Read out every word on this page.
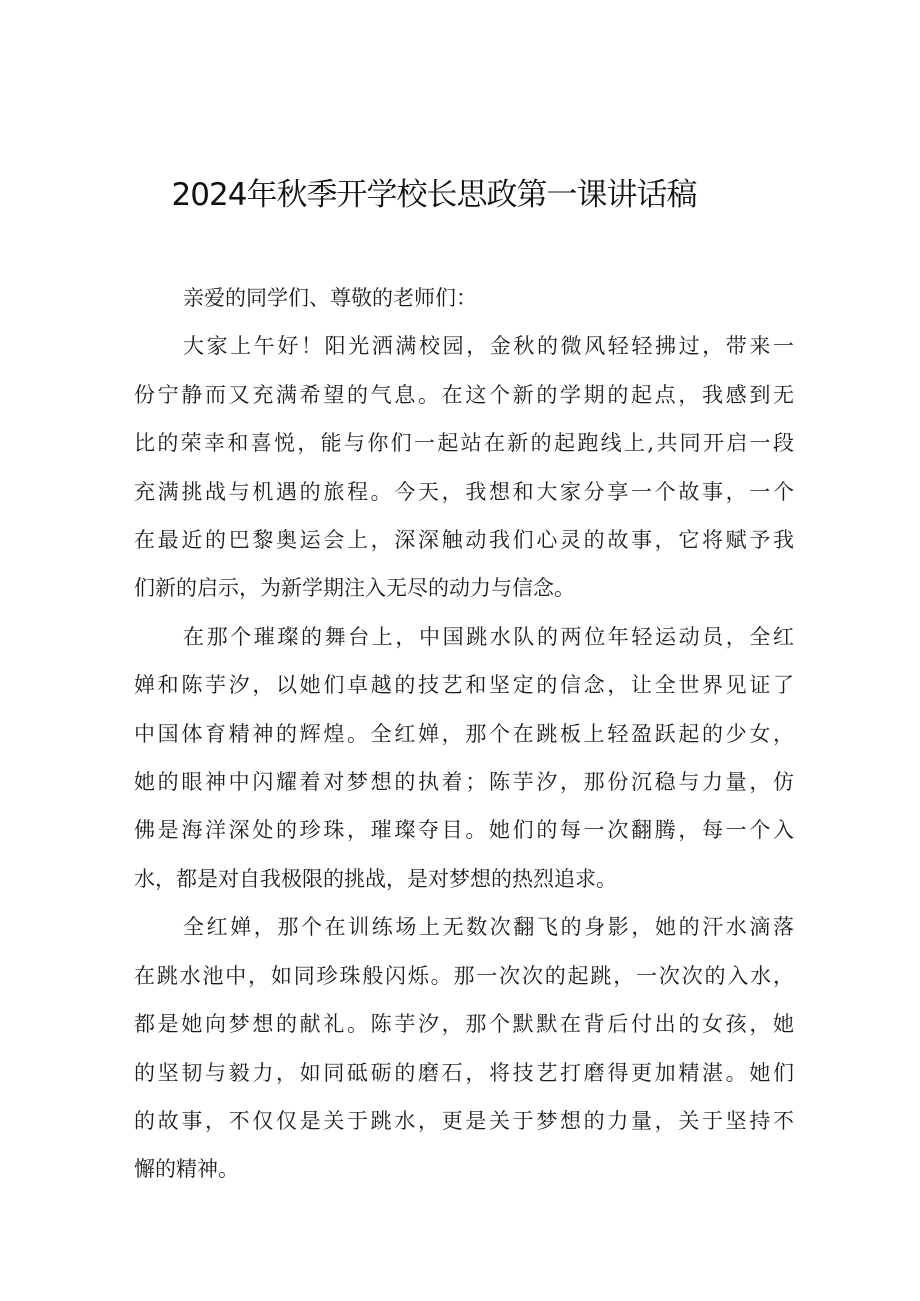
2024年秋季开学校长思政第一课讲话稿

亲爱的同学们、尊敬的老师们：

大家上午好！阳光洒满校园，金秋的微风轻轻拂过，带来一
份宁静而又充满希望的气息。在这个新的学期的起点，我感到无
比的荣幸和喜悦，能与你们一起站在新的起跑线上,共同开启一段
充满挑战与机遇的旅程。今天，我想和大家分享一个故事，一个
在最近的巴黎奥运会上，深深触动我们心灵的故事，它将赋予我
们新的启示，为新学期注入无尽的动力与信念。

在那个璀璨的舞台上，中国跳水队的两位年轻运动员，全红
婵和陈芋汐，以她们卓越的技艺和坚定的信念，让全世界见证了
中国体育精神的辉煌。全红婵，那个在跳板上轻盈跃起的少女，
她的眼神中闪耀着对梦想的执着；陈芋汐，那份沉稳与力量，仿
佛是海洋深处的珍珠，璀璨夺目。她们的每一次翻腾，每一个入
水，都是对自我极限的挑战，是对梦想的热烈追求。

全红婵，那个在训练场上无数次翻飞的身影，她的汗水滴落
在跳水池中，如同珍珠般闪烁。那一次次的起跳，一次次的入水，
都是她向梦想的献礼。陈芋汐，那个默默在背后付出的女孩，她
的坚韧与毅力，如同砥砺的磨石，将技艺打磨得更加精湛。她们
的故事，不仅仅是关于跳水，更是关于梦想的力量，关于坚持不
懈的精神。
